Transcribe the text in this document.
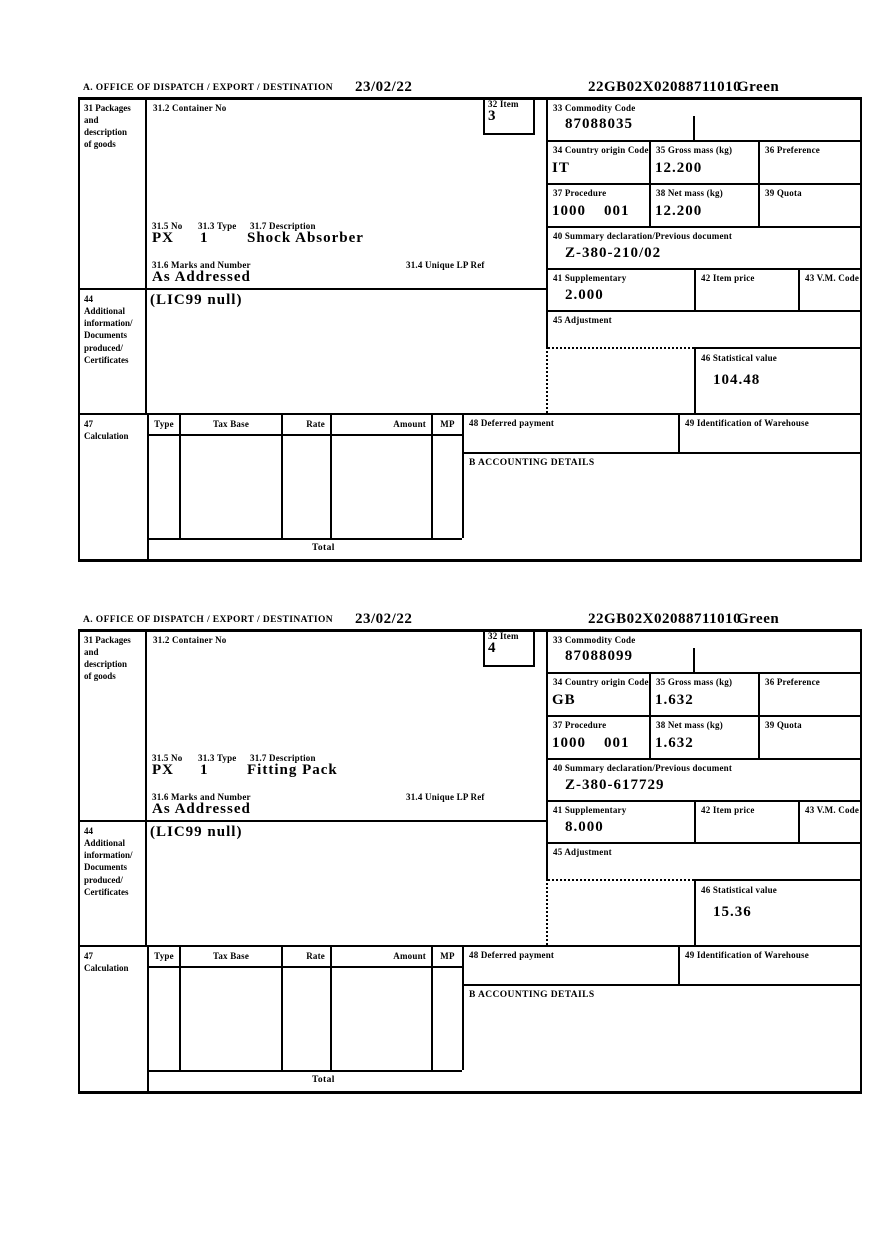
A. OFFICE OF DISPATCH / EXPORT / DESTINATION 23/02/22	22GB02X02088711010
Green
31 Packages
and
description
of goods
31.2 Container No
31.5 No
PX
31.3 Type
1
31.7 Description
Shock Absorber
31.6 Marks and Number
As Addressed
31.4 Unique LP Ref
32 Item
3	33 Commodity Code
87088035
34 Country origin Code
IT
35 Gross mass (kg)
12.200
36 Preference
37 Procedure
1000 001
38 Net mass (kg)
12.200
39 Quota
40 Summary declaration/Previous document
Z-380-210/02
41 Supplementary
2.000
42 Item price	43 V.M. Code
45 Adjustment
46 Statistical value
104.48
44
Additional
information/
Documents
produced/
Certificates
(LIC99 null)
47
Calculation
Type	Tax Base	Rate	Amount	MP
Total
48 Deferred payment	49 Identification of Warehouse
B ACCOUNTING DETAILS
A. OFFICE OF DISPATCH / EXPORT / DESTINATION 23/02/22	22GB02X02088711010
Green
31 Packages
and
description
of goods
31.2 Container No
31.5 No
PX
31.3 Type
1
31.7 Description
Fitting Pack
31.6 Marks and Number
As Addressed
31.4 Unique LP Ref
32 Item
4	33 Commodity Code
87088099
34 Country origin Code
GB
35 Gross mass (kg)
1.632
36 Preference
37 Procedure
1000 001
38 Net mass (kg)
1.632
39 Quota
40 Summary declaration/Previous document
Z-380-617729
41 Supplementary
8.000
42 Item price	43 V.M. Code
45 Adjustment
46 Statistical value
15.36
44
Additional
information/
Documents
produced/
Certificates
(LIC99 null)
47
Calculation
Type	Tax Base	Rate	Amount	MP
Total
48 Deferred payment	49 Identification of Warehouse
B ACCOUNTING DETAILS
